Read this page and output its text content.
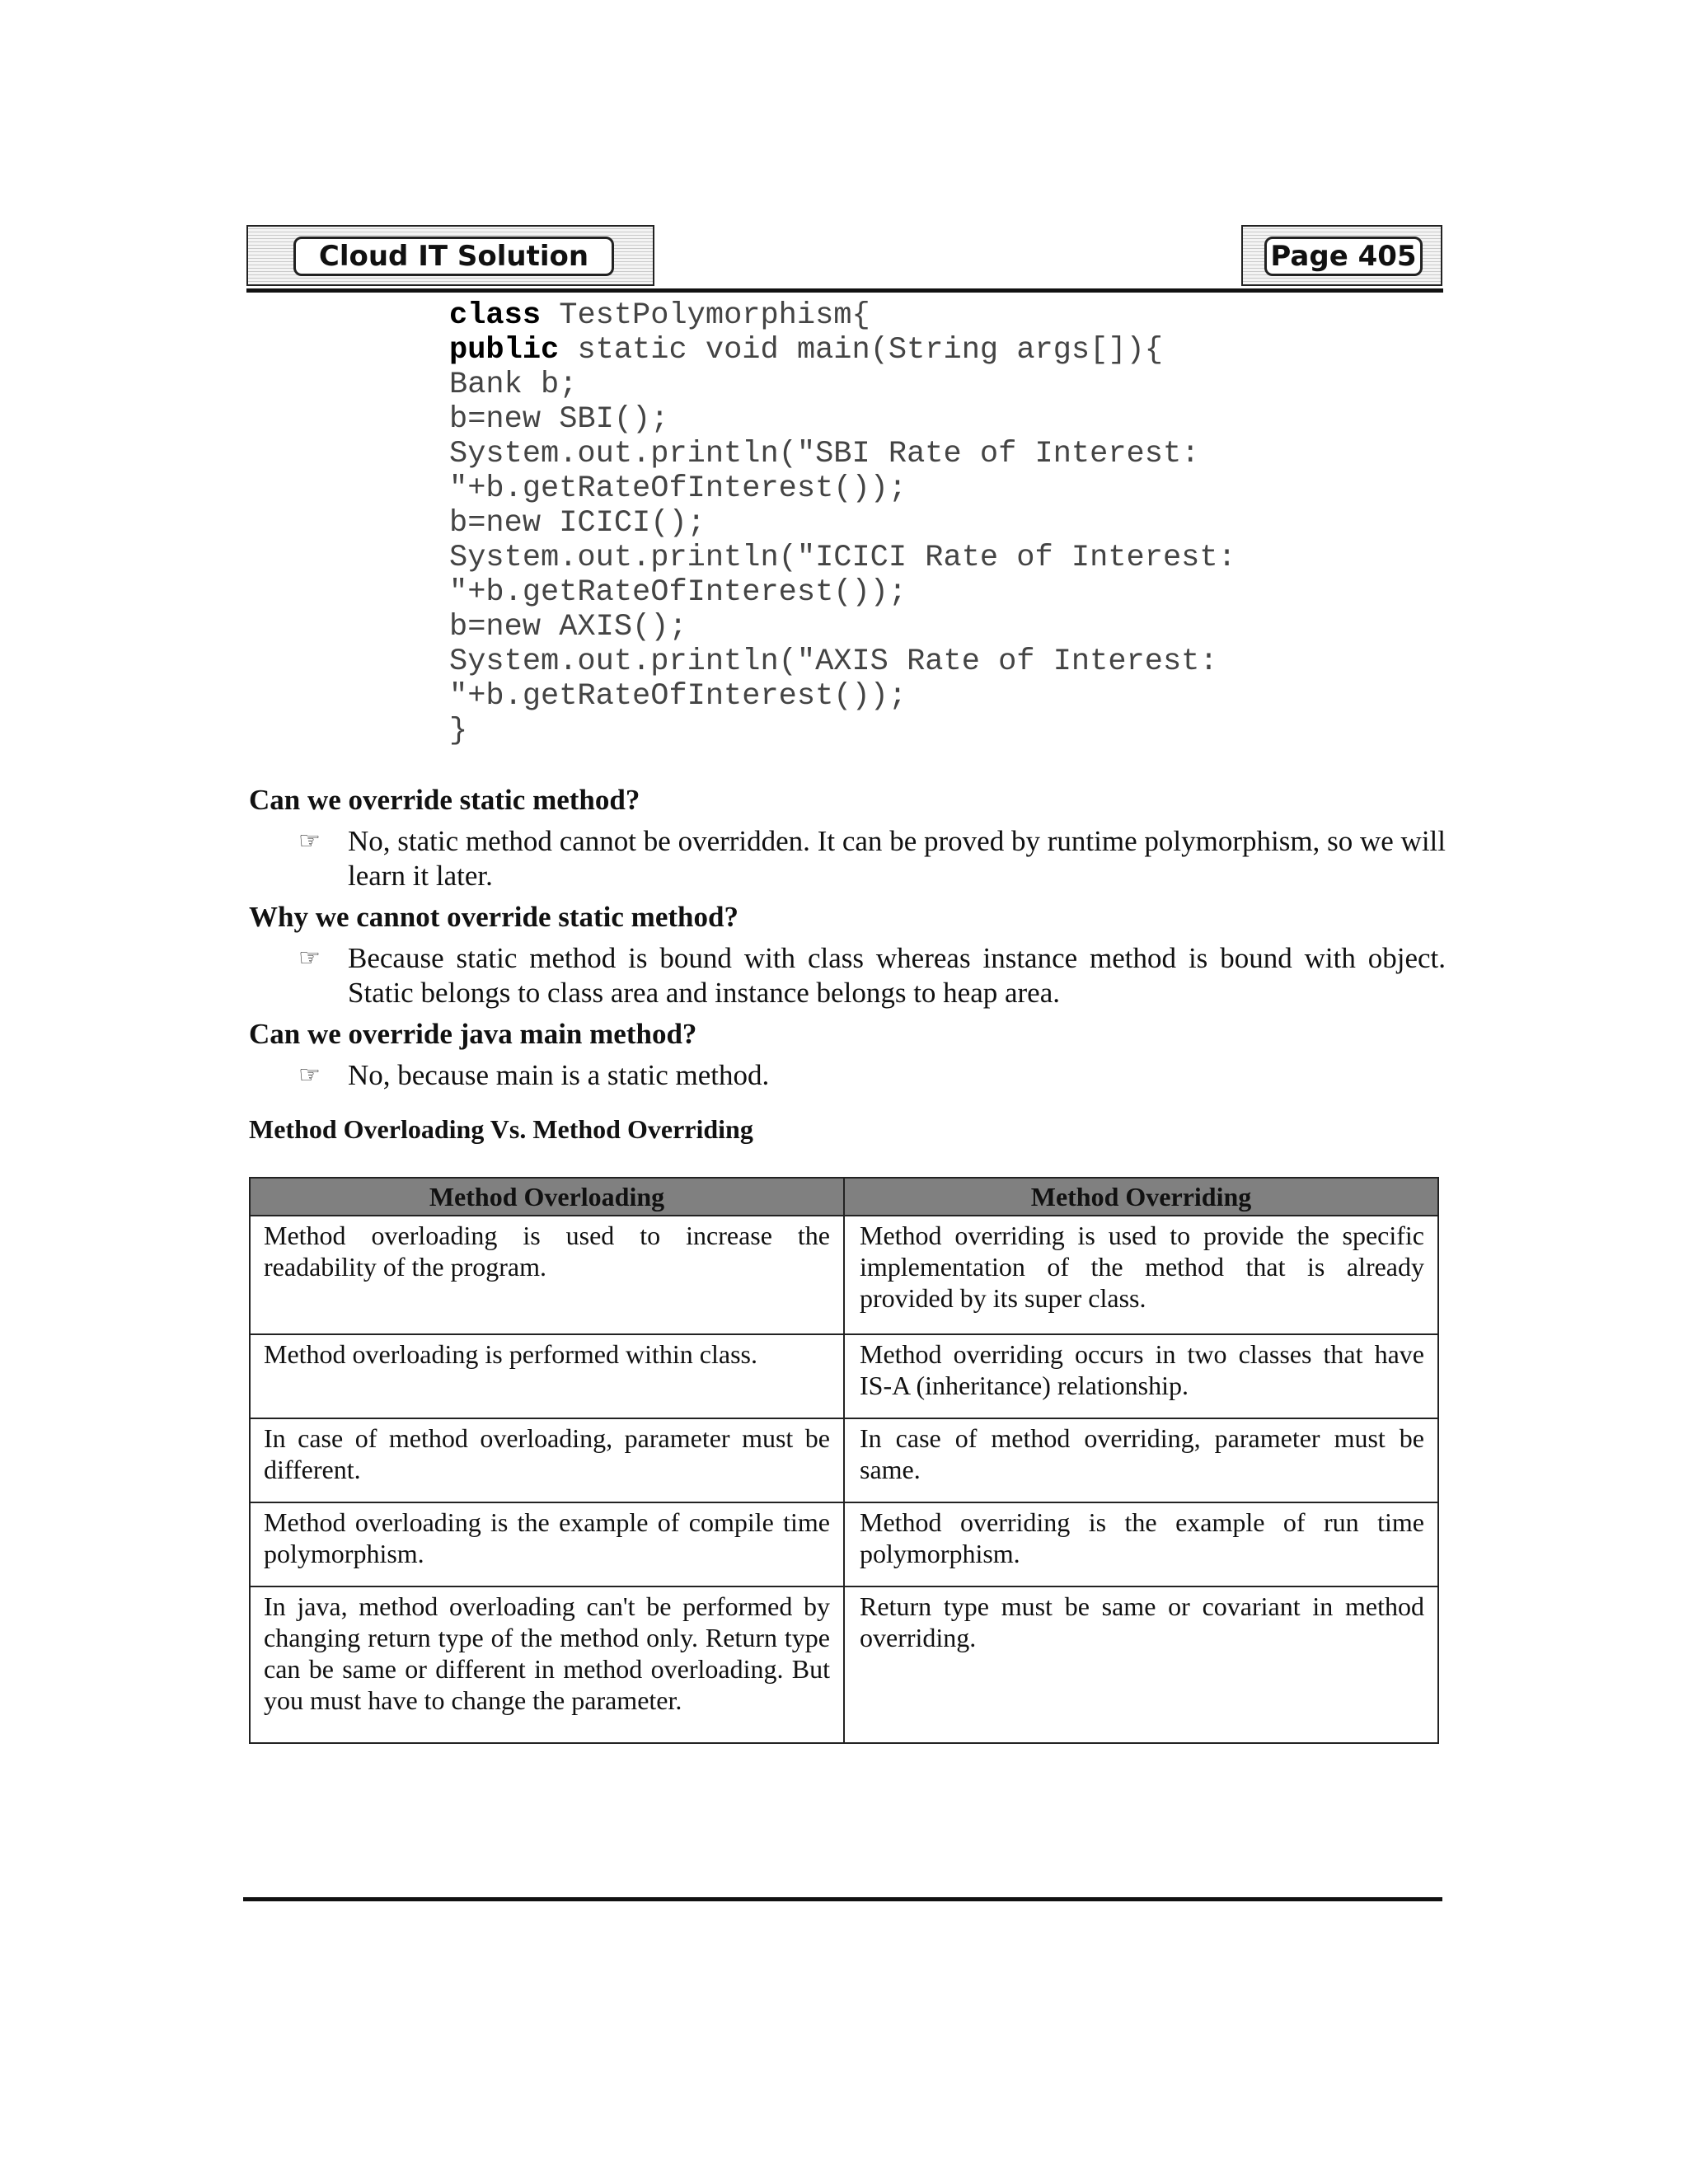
Cloud IT Solution	Page 405
class TestPolymorphism{
public static void main(String args[]){
Bank b;
b=new SBI();
System.out.println("SBI Rate of Interest:
"+b.getRateOfInterest());
b=new ICICI();
System.out.println("ICICI Rate of Interest:
"+b.getRateOfInterest());
b=new AXIS();
System.out.println("AXIS Rate of Interest:
"+b.getRateOfInterest());
}
Can we override static method?
☞ No, static method cannot be overridden. It can be proved by runtime polymorphism, so we will learn it later.
Why we cannot override static method?
☞ Because static method is bound with class whereas instance method is bound with object. Static belongs to class area and instance belongs to heap area.
Can we override java main method?
☞ No, because main is a static method.
Method Overloading Vs. Method Overriding
Method Overloading	Method Overriding
Method overloading is used to increase the readability of the program.	Method overriding is used to provide the specific implementation of the method that is already provided by its super class.
Method overloading is performed within class.	Method overriding occurs in two classes that have IS-A (inheritance) relationship.
In case of method overloading, parameter must be different.	In case of method overriding, parameter must be same.
Method overloading is the example of compile time polymorphism.	Method overriding is the example of run time polymorphism.
In java, method overloading can't be performed by changing return type of the method only. Return type can be same or different in method overloading. But you must have to change the parameter.	Return type must be same or covariant in method overriding.
